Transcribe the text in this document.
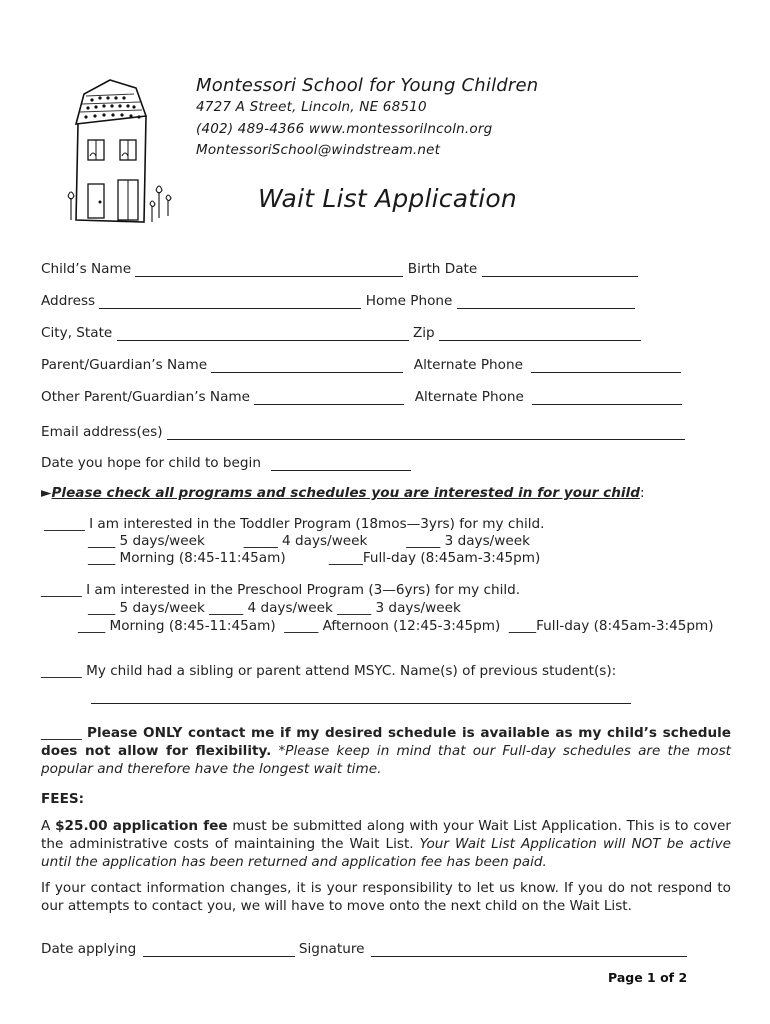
Montessori School for Young Children
4727 A Street, Lincoln, NE 68510
(402) 489-4366 www.montessorilncoln.org
MontessoriSchool@windstream.net
Wait List Application
Child’s Name	Birth Date
Address	Home Phone
City, State	Zip
Parent/Guardian’s Name	Alternate Phone
Other Parent/Guardian’s Name	Alternate Phone
Email address(es)
Date you hope for child to begin
►Please check all programs and schedules you are interested in for your child:
______ I am interested in the Toddler Program (18mos—3yrs) for my child.
____ 5 days/week         _____ 4 days/week         _____ 3 days/week
____ Morning (8:45-11:45am)          _____Full-day (8:45am-3:45pm)
______ I am interested in the Preschool Program (3—6yrs) for my child.
____ 5 days/week _____ 4 days/week _____ 3 days/week
____ Morning (8:45-11:45am)  _____ Afternoon (12:45-3:45pm)  ____Full-day (8:45am-3:45pm)
______ My child had a sibling or parent attend MSYC. Name(s) of previous student(s):
______ Please ONLY contact me if my desired schedule is available as my child’s schedule does not allow for flexibility. *Please keep in mind that our Full-day schedules are the most popular and therefore have the longest wait time.
FEES:
A $25.00 application fee must be submitted along with your Wait List Application. This is to cover the administrative costs of maintaining the Wait List. Your Wait List Application will NOT be active until the application has been returned and application fee has been paid.
If your contact information changes, it is your responsibility to let us know. If you do not respond to our attempts to contact you, we will have to move onto the next child on the Wait List.
Date applying	Signature
Page 1 of 2
